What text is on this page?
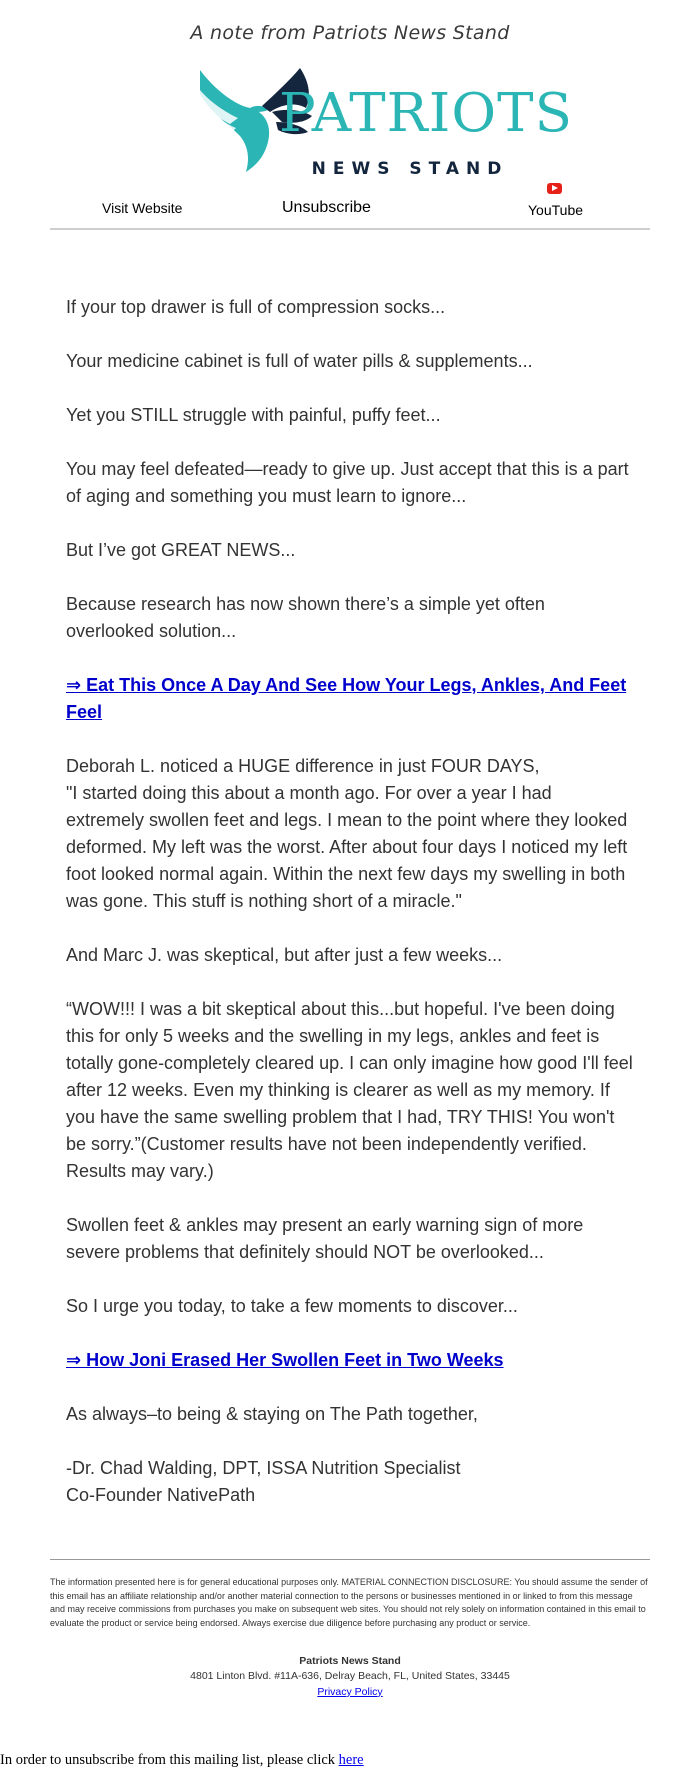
A note from Patriots News Stand
PATRIOTS
NEWS STAND
Visit Website	Unsubscribe	YouTube

If your top drawer is full of compression socks...

Your medicine cabinet is full of water pills & supplements...

Yet you STILL struggle with painful, puffy feet...

You may feel defeated—ready to give up. Just accept that this is a part of aging and something you must learn to ignore...

But I’ve got GREAT NEWS...

Because research has now shown there’s a simple yet often overlooked solution...

⇒ Eat This Once A Day And See How Your Legs, Ankles, And Feet Feel

Deborah L. noticed a HUGE difference in just FOUR DAYS,
"I started doing this about a month ago. For over a year I had extremely swollen feet and legs. I mean to the point where they looked deformed. My left was the worst. After about four days I noticed my left foot looked normal again. Within the next few days my swelling in both was gone. This stuff is nothing short of a miracle."

And Marc J. was skeptical, but after just a few weeks...

“WOW!!! I was a bit skeptical about this...but hopeful. I've been doing this for only 5 weeks and the swelling in my legs, ankles and feet is totally gone-completely cleared up. I can only imagine how good I'll feel after 12 weeks. Even my thinking is clearer as well as my memory. If you have the same swelling problem that I had, TRY THIS! You won't be sorry.”(Customer results have not been independently verified. Results may vary.)

Swollen feet & ankles may present an early warning sign of more severe problems that definitely should NOT be overlooked...

So I urge you today, to take a few moments to discover...

⇒ How Joni Erased Her Swollen Feet in Two Weeks

As always–to being & staying on The Path together,

-Dr. Chad Walding, DPT, ISSA Nutrition Specialist
Co-Founder NativePath

The information presented here is for general educational purposes only. MATERIAL CONNECTION DISCLOSURE: You should assume the sender of this email has an affiliate relationship and/or another material connection to the persons or businesses mentioned in or linked to from this message and may receive commissions from purchases you make on subsequent web sites. You should not rely solely on information contained in this email to evaluate the product or service being endorsed. Always exercise due diligence before purchasing any product or service.
Patriots News Stand
4801 Linton Blvd. #11A-636, Delray Beach, FL, United States, 33445
Privacy Policy
In order to unsubscribe from this mailing list, please click here
